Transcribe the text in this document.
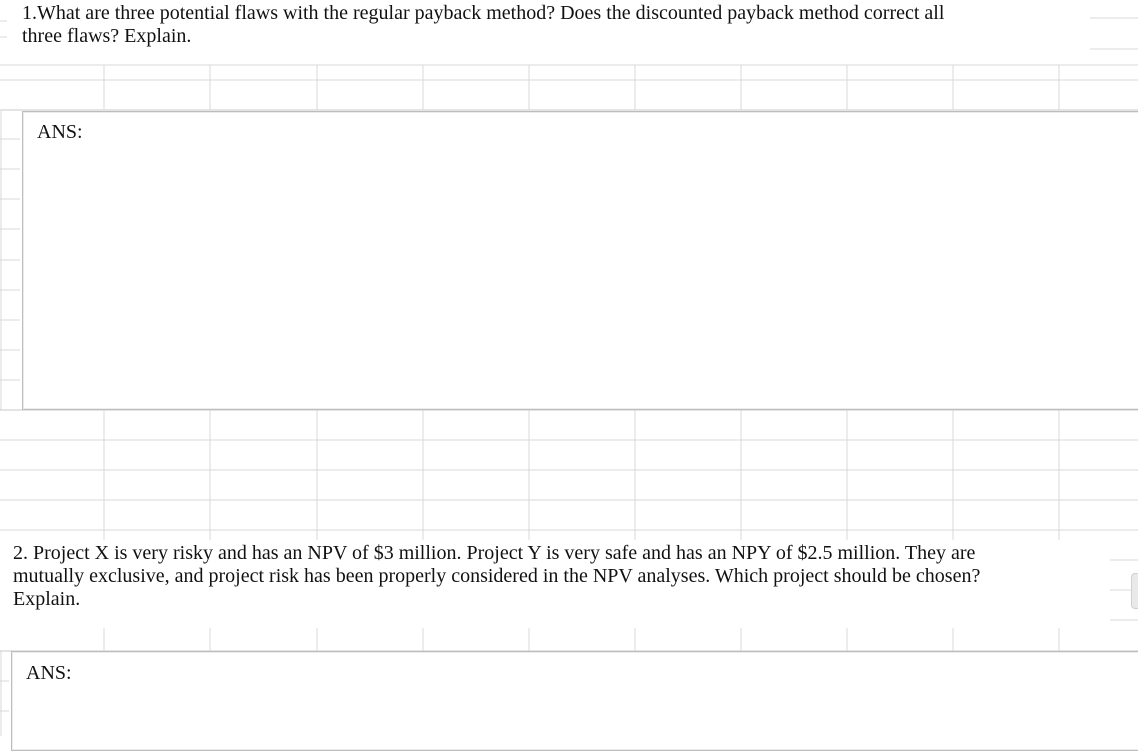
1.What are three potential flaws with the regular payback method? Does the discounted payback method correct all
three flaws? Explain.
ANS:
2. Project X is very risky and has an NPV of $3 million. Project Y is very safe and has an NPY of $2.5 million. They are
mutually exclusive, and project risk has been properly considered in the NPV analyses. Which project should be chosen?
Explain.
ANS:
